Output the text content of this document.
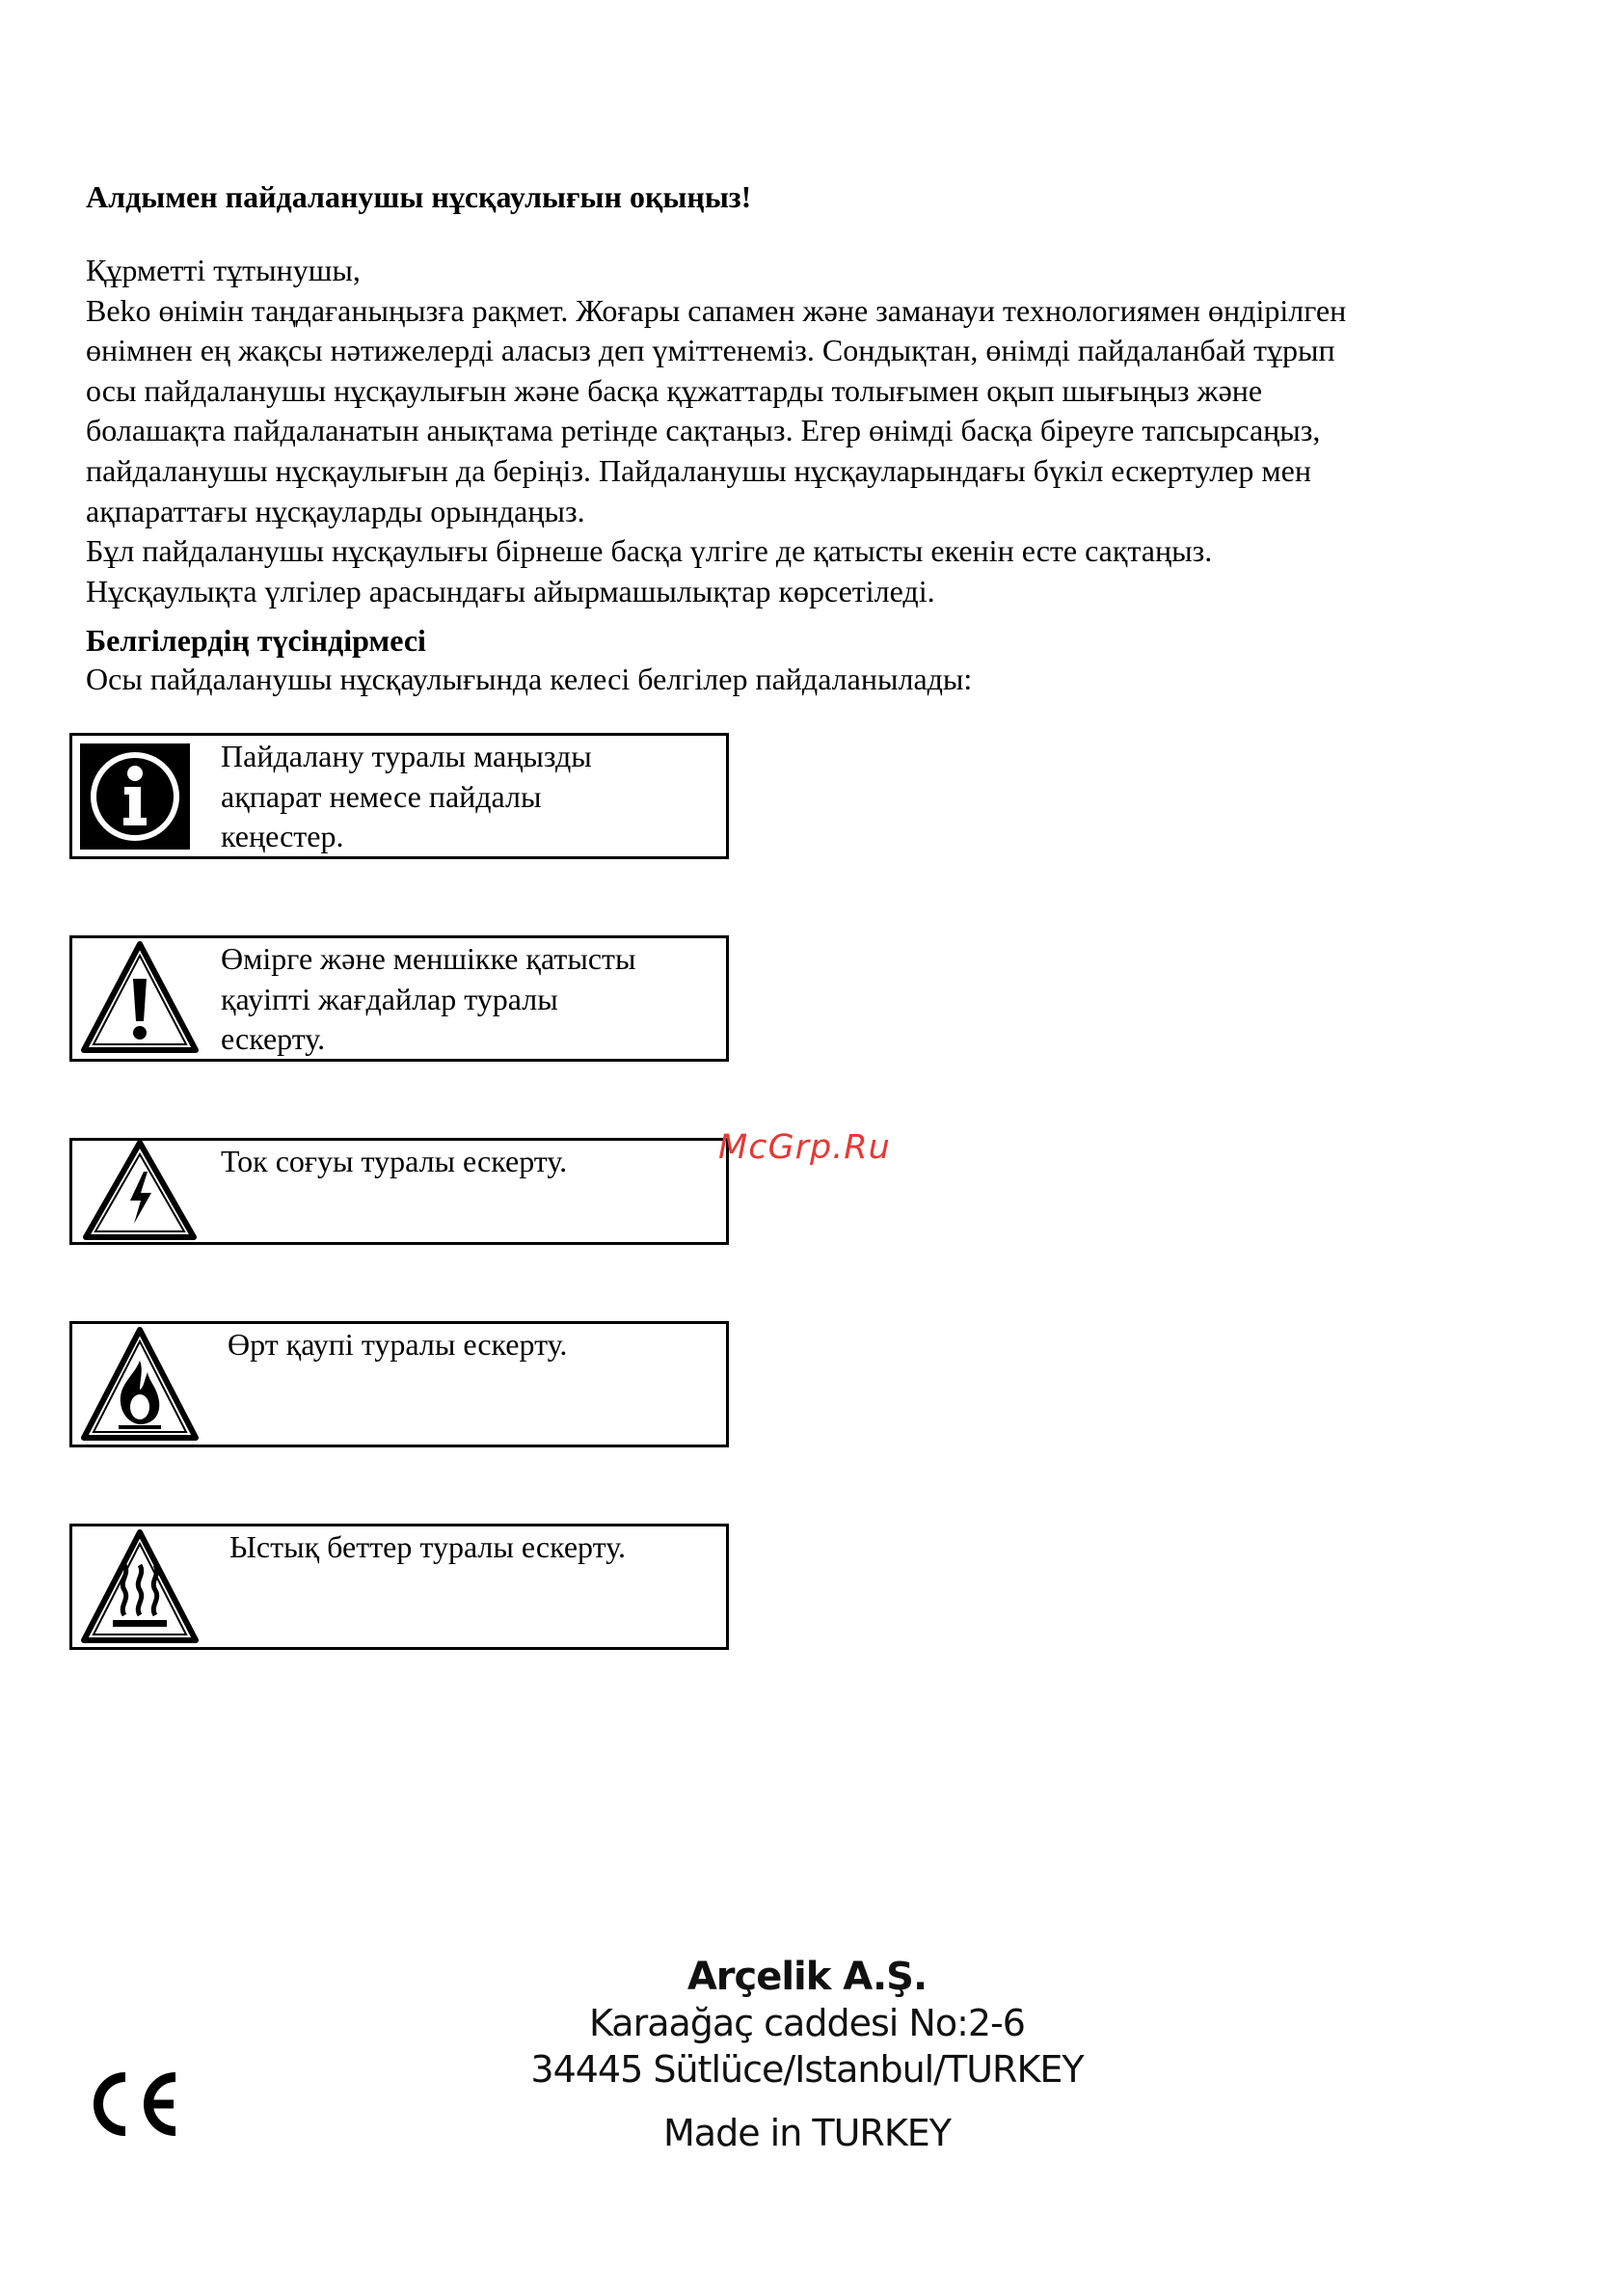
Алдымен пайдаланушы нұсқаулығын оқыңыз!

Құрметті тұтынушы,

Beko өнімін таңдағаныңызға рақмет. Жоғары сапамен және заманауи технологиямен өндірілген

өнімнен ең жақсы нәтижелерді аласыз деп үміттенеміз. Сондықтан, өнімді пайдаланбай тұрып

осы пайдаланушы нұсқаулығын және басқа құжаттарды толығымен оқып шығыңыз және

болашақта пайдаланатын анықтама ретінде сақтаңыз. Егер өнімді басқа біреуге тапсырсаңыз,

пайдаланушы нұсқаулығын да беріңіз. Пайдаланушы нұсқауларындағы бүкіл ескертулер мен

ақпараттағы нұсқауларды орындаңыз.

Бұл пайдаланушы нұсқаулығы бірнеше басқа үлгіге де қатысты екенін есте сақтаңыз.

Нұсқаулықта үлгілер арасындағы айырмашылықтар көрсетіледі.

Белгілердің түсіндірмесі

Осы пайдаланушы нұсқаулығында келесі белгілер пайдаланылады:

Пайдалану туралы маңызды
ақпарат немесе пайдалы
кеңестер.
Өмірге және меншікке қатысты
қауіпті жағдайлар туралы
ескерту.
Ток соғуы туралы ескерту.
Өрт қаупі туралы ескерту.
Ыстық беттер туралы ескерту.
McGrp.Ru
Arçelik A.Ş.
Karaağaç caddesi No:2-6
34445 Sütlüce/Istanbul/TURKEY
Made in TURKEY
